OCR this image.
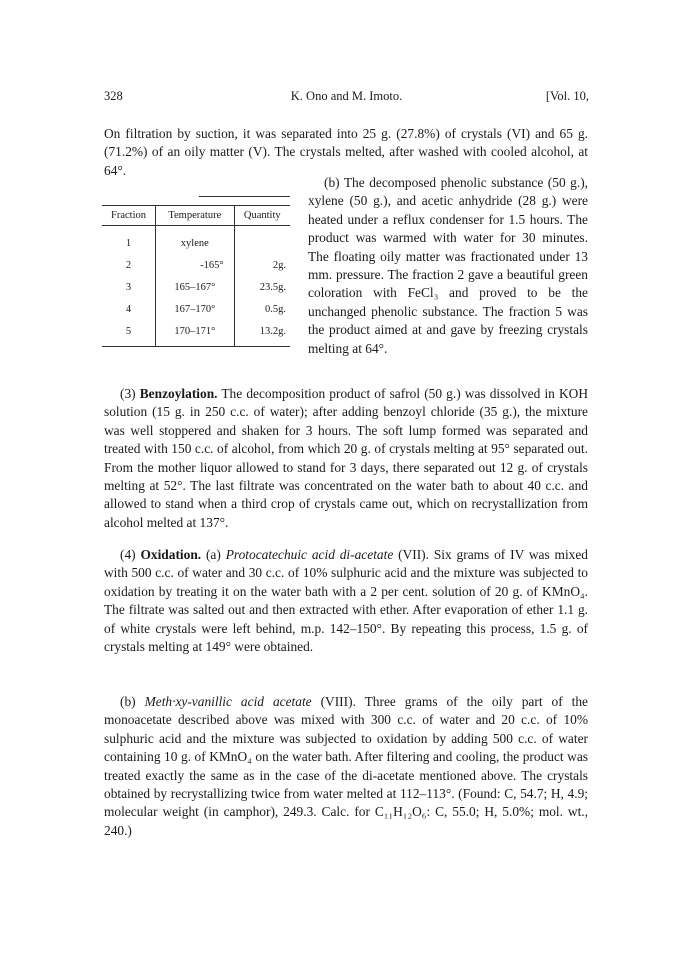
328	K. Ono and M. Imoto.	[Vol. 10,

On filtration by suction, it was separated into 25 g. (27.8%) of crystals (VI) and 65 g. (71.2%) of an oily matter (V). The crystals melted, after washed with cooled alcohol, at 64°.

Fraction	Temperature	Quantity
1	xylene	
2	-165°	2g.
3	165–167°	23.5g.
4	167–170°	0.5g.
5	170–171°	13.2g.

(b) The decomposed phenolic substance (50 g.), xylene (50 g.), and acetic anhydride (28 g.) were heated under a reflux condenser for 1.5 hours. The product was warmed with water for 30 minutes. The floating oily matter was fractionated under 13 mm. pressure. The fraction 2 gave a beautiful green coloration with FeCl₃ and proved to be the unchanged phenolic substance. The fraction 5 was the product aimed at and gave by freezing crystals melting at 64°.

(3) Benzoylation. The decomposition product of safrol (50 g.) was dissolved in KOH solution (15 g. in 250 c.c. of water); after adding benzoyl chloride (35 g.), the mixture was well stoppered and shaken for 3 hours. The soft lump formed was separated and treated with 150 c.c. of alcohol, from which 20 g. of crystals melting at 95° separated out. From the mother liquor allowed to stand for 3 days, there separated out 12 g. of crystals melting at 52°. The last filtrate was concentrated on the water bath to about 40 c.c. and allowed to stand when a third crop of crystals came out, which on recrystallization from alcohol melted at 137°.

(4) Oxidation. (a) Protocatechuic acid di-acetate (VII). Six grams of IV was mixed with 500 c.c. of water and 30 c.c. of 10% sulphuric acid and the mixture was subjected to oxidation by treating it on the water bath with a 2 per cent. solution of 20 g. of KMnO₄. The filtrate was salted out and then extracted with ether. After evaporation of ether 1.1 g. of white crystals were left behind, m.p. 142–150°. By repeating this process, 1.5 g. of crystals melting at 149° were obtained.

(b) Meth·xy-vanillic acid acetate (VIII). Three grams of the oily part of the monoacetate described above was mixed with 300 c.c. of water and 20 c.c. of 10% sulphuric acid and the mixture was subjected to oxidation by adding 500 c.c. of water containing 10 g. of KMnO₄ on the water bath. After filtering and cooling, the product was treated exactly the same as in the case of the di-acetate mentioned above. The crystals obtained by recrystallizing twice from water melted at 112–113°. (Found: C, 54.7; H, 4.9; molecular weight (in camphor), 249.3. Calc. for C₁₁H₁₂O₆: C, 55.0; H, 5.0%; mol. wt., 240.)
